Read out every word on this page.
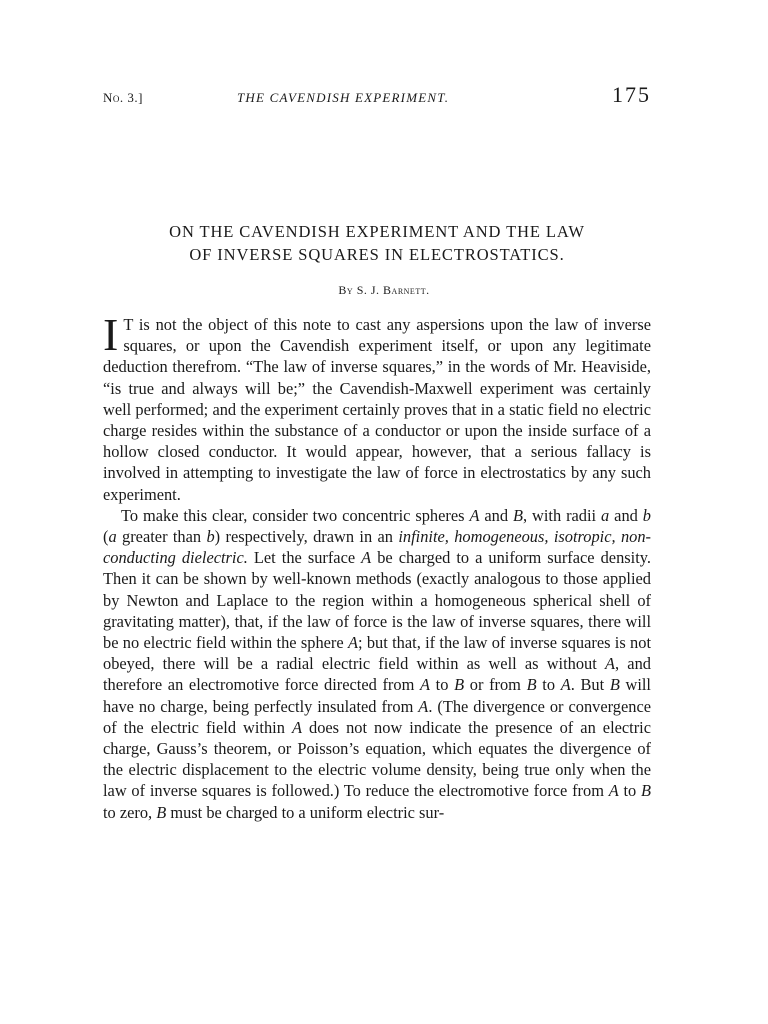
No. 3.]	THE CAVENDISH EXPERIMENT.	175
ON THE CAVENDISH EXPERIMENT AND THE LAW
OF INVERSE SQUARES IN ELECTROSTATICS.
By S. J. Barnett.

I T is not the object of this note to cast any aspersions upon the law of inverse squares, or upon the Cavendish experiment itself, or upon any legitimate deduction therefrom. “The law of inverse squares,” in the words of Mr. Heaviside, “is true and always will be;” the Cavendish-Maxwell experiment was certainly well performed; and the experiment certainly proves that in a static field no electric charge resides within the substance of a conductor or upon the inside surface of a hollow closed conductor. It would appear, however, that a serious fallacy is involved in attempting to investigate the law of force in electrostatics by any such experiment.

To make this clear, consider two concentric spheres A and B, with radii a and b (a greater than b) respectively, drawn in an infinite, homogeneous, isotropic, non-conducting dielectric. Let the surface A be charged to a uniform surface density. Then it can be shown by well-known methods (exactly analogous to those applied by Newton and Laplace to the region within a homogeneous spherical shell of gravitating matter), that, if the law of force is the law of inverse squares, there will be no electric field within the sphere A; but that, if the law of inverse squares is not obeyed, there will be a radial electric field within as well as without A, and therefore an electromotive force directed from A to B or from B to A. But B will have no charge, being perfectly insulated from A. (The divergence or convergence of the electric field within A does not now indicate the presence of an electric charge, Gauss’s theorem, or Poisson’s equation, which equates the divergence of the electric displacement to the electric volume density, being true only when the law of inverse squares is followed.) To reduce the electromotive force from A to B to zero, B must be charged to a uniform electric sur-
